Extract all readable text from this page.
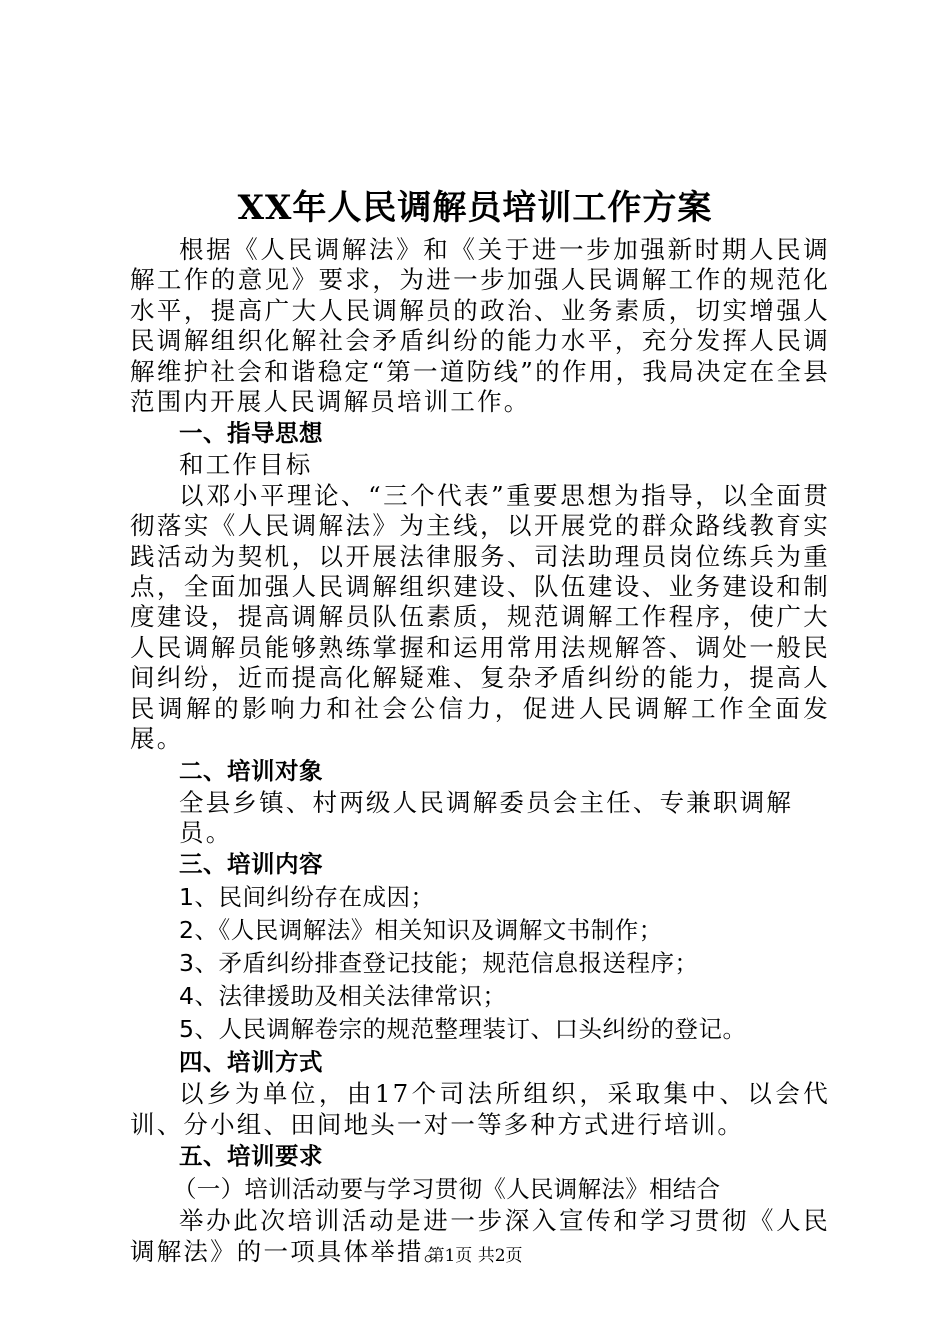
XX年人民调解员培训工作方案

根据《人民调解法》和《关于进一步加强新时期人民调解工作的意见》要求，为进一步加强人民调解工作的规范化水平，提高广大人民调解员的政治、业务素质，切实增强人民调解组织化解社会矛盾纠纷的能力水平，充分发挥人民调解维护社会和谐稳定“第一道防线”的作用，我局决定在全县范围内开展人民调解员培训工作。

一、指导思想

和工作目标

以邓小平理论、“三个代表”重要思想为指导，以全面贯彻落实《人民调解法》为主线，以开展党的群众路线教育实践活动为契机，以开展法律服务、司法助理员岗位练兵为重点，全面加强人民调解组织建设、队伍建设、业务建设和制度建设，提高调解员队伍素质，规范调解工作程序，使广大人民调解员能够熟练掌握和运用常用法规解答、调处一般民间纠纷，近而提高化解疑难、复杂矛盾纠纷的能力，提高人民调解的影响力和社会公信力，促进人民调解工作全面发展。

二、培训对象

全县乡镇、村两级人民调解委员会主任、专兼职调解员。

三、培训内容

1、民间纠纷存在成因；

2、《人民调解法》相关知识及调解文书制作；

3、矛盾纠纷排查登记技能；规范信息报送程序；

4、法律援助及相关法律常识；

5、人民调解卷宗的规范整理装订、口头纠纷的登记。

四、培训方式

以乡为单位，由17个司法所组织，采取集中、以会代训、分小组、田间地头一对一等多种方式进行培训。

五、培训要求

（一）培训活动要与学习贯彻《人民调解法》相结合

举办此次培训活动是进一步深入宣传和学习贯彻《人民调解法》的一项具体举措。

第1页 共2页
